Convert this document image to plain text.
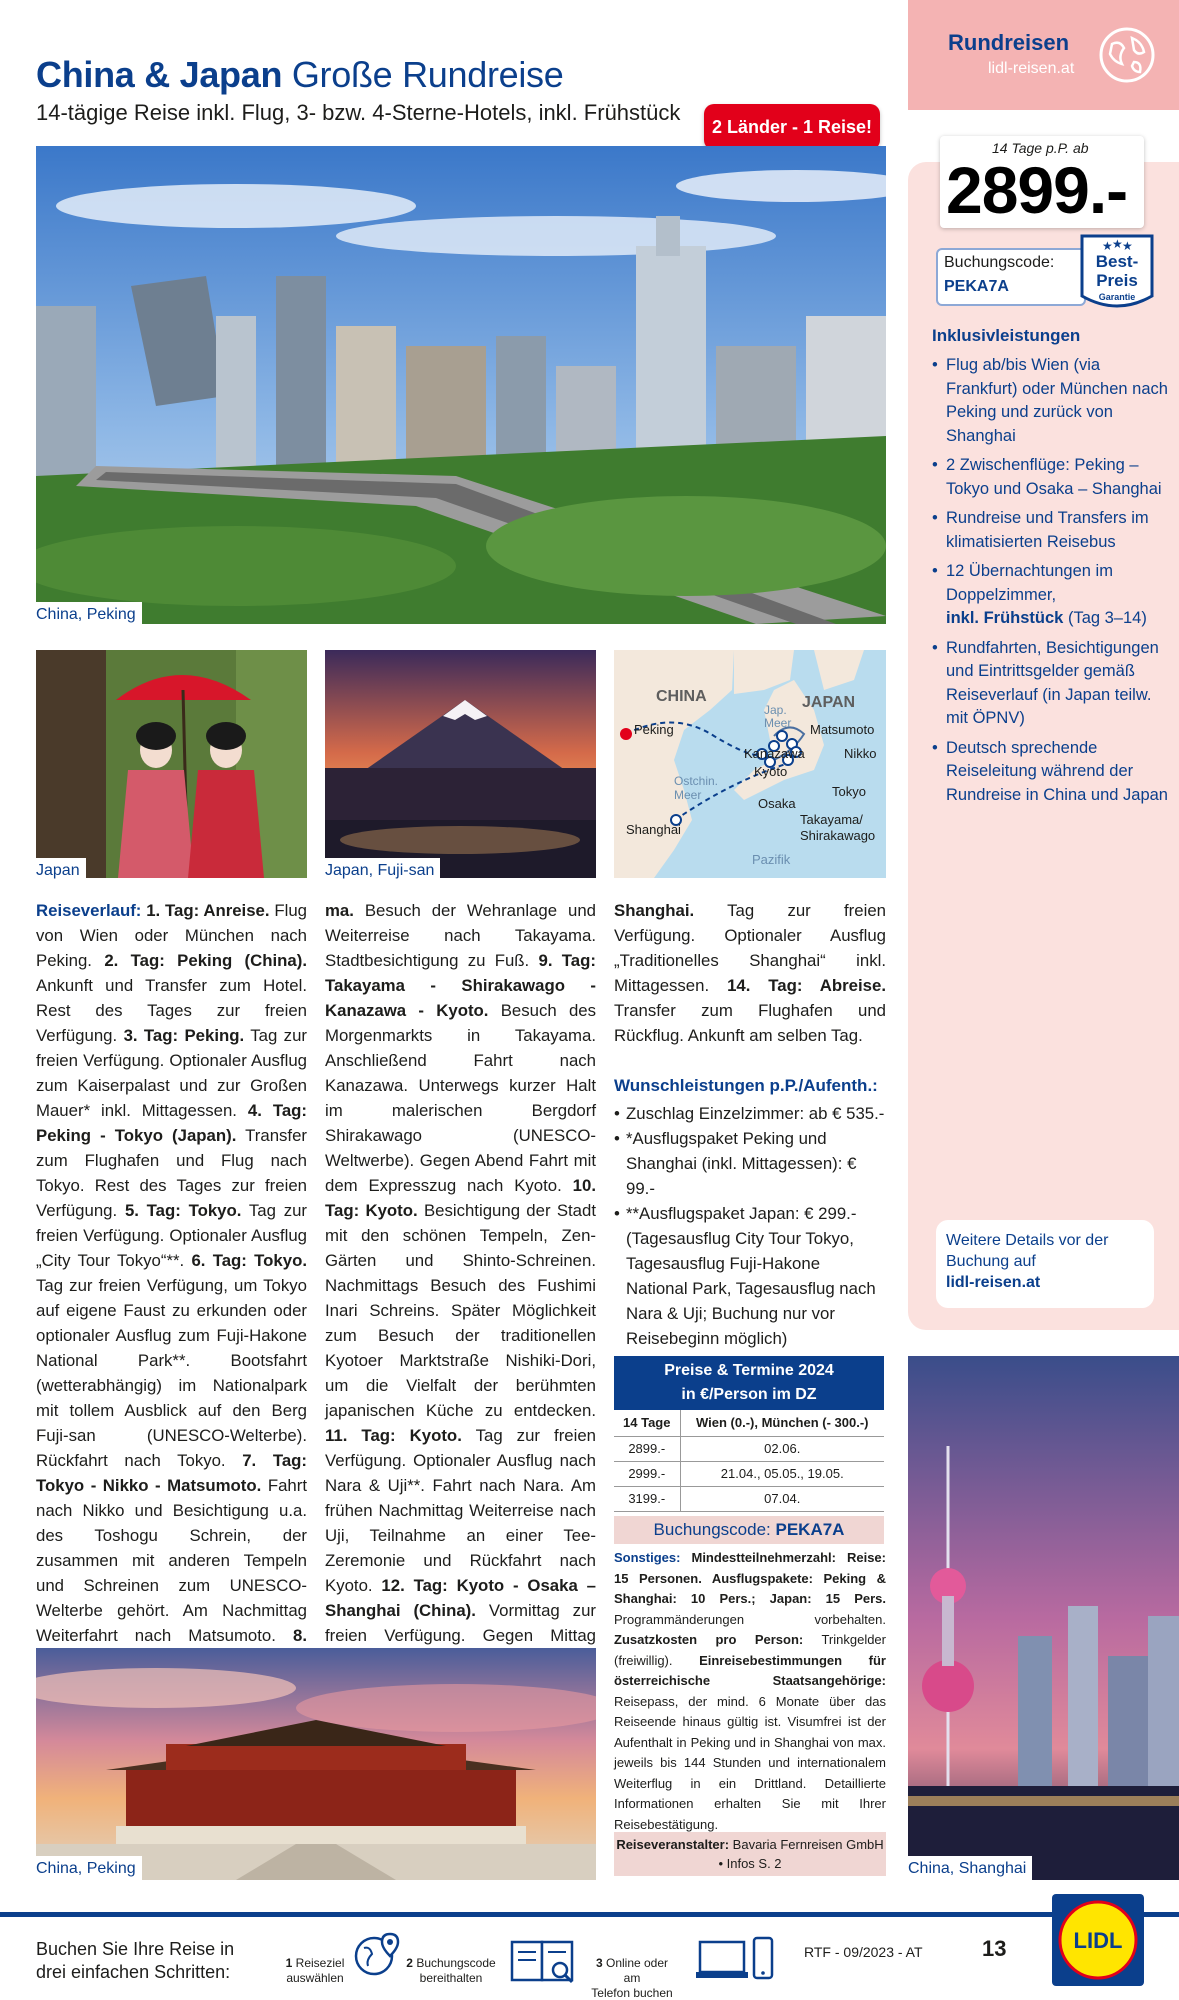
China & Japan Große Rundreise
14-tägige Reise inkl. Flug, 3- bzw. 4-Sterne-Hotels, inkl. Frühstück
2 Länder - 1 Reise!
China, Peking
Japan	Japan, Fuji-san
CHINA	JAPAN
Jap.
Meer
Ostchin.
Meer
Pazifik
Peking	Matsumoto
Nikko
Kanazawa
Kyoto
Tokyo
Osaka
Takayama/
Shirakawago
Shanghai
Reiseverlauf: 1. Tag: Anreise. Flug von Wien oder München nach Peking. 2. Tag: Peking (China). Ankunft und Transfer zum Hotel. Rest des Tages zur freien Verfügung. 3. Tag: Peking. Tag zur freien Verfügung. Optionaler Ausflug zum Kaiserpalast und zur Großen Mauer* inkl. Mittagessen. 4. Tag: Peking - Tokyo (Japan). Transfer zum Flughafen und Flug nach Tokyo. Rest des Tages zur freien Verfügung. 5. Tag: Tokyo. Tag zur freien Verfügung. Optionaler Ausflug „City Tour Tokyo“**. 6. Tag: Tokyo. Tag zur freien Verfügung, um Tokyo auf eigene Faust zu erkunden oder optionaler Ausflug zum Fuji-Hakone National Park**. Bootsfahrt (wetterabhängig) im Nationalpark mit tollem Ausblick auf den Berg Fuji-san (UNESCO-Welterbe). Rückfahrt nach Tokyo. 7. Tag: Tokyo - Nikko - Matsumoto. Fahrt nach Nikko und Besichtigung u.a. des Toshogu Schrein, der zusammen mit anderen Tempeln und Schreinen zum UNESCO-Welterbe gehört. Am Nachmittag Weiterfahrt nach Matsumoto. 8.
ma. Besuch der Wehranlage und Weiterreise nach Takayama. Stadtbesichtigung zu Fuß. 9. Tag: Takayama - Shirakawago - Kanazawa - Kyoto. Besuch des Morgenmarkts in Takayama. Anschließend Fahrt nach Kanazawa. Unterwegs kurzer Halt im malerischen Bergdorf Shirakawago (UNESCO-Weltwerbe). Gegen Abend Fahrt mit dem Expresszug nach Kyoto. 10. Tag: Kyoto. Besichtigung der Stadt mit den schönen Tempeln, Zen-Gärten und Shinto-Schreinen. Nachmittags Besuch des Fushimi Inari Schreins. Später Möglichkeit zum Besuch der traditionellen Kyotoer Marktstraße Nishiki-Dori, um die Vielfalt der berühmten japanischen Küche zu entdecken. 11. Tag: Kyoto. Tag zur freien Verfügung. Optionaler Ausflug nach Nara & Uji**. Fahrt nach Nara. Am frühen Nachmittag Weiterreise nach Uji, Teilnahme an einer Tee-Zeremonie und Rückfahrt nach Kyoto. 12. Tag: Kyoto - Osaka – Shanghai (China). Vormittag zur freien Verfügung. Gegen Mittag
Shanghai. Tag zur freien Verfügung. Optionaler Ausflug „Traditionelles Shanghai“ inkl. Mittagessen. 14. Tag: Abreise. Transfer zum Flughafen und Rückflug. Ankunft am selben Tag.
Wunschleistungen p.P./Aufenth.:
• Zuschlag Einzelzimmer: ab € 535.-
• *Ausflugspaket Peking und Shanghai (inkl. Mittagessen): € 99.-
• **Ausflugspaket Japan: € 299.- (Tagesausflug City Tour Tokyo, Tagesausflug Fuji-Hakone National Park, Tagesausflug nach Nara & Uji; Buchung nur vor Reisebeginn möglich)
Preise & Termine 2024
in €/Person im DZ
14 Tage	Wien (0.-), München (- 300.-)
2899.-	02.06.
2999.-	21.04., 05.05., 19.05.
3199.-	07.04.
Buchungscode: PEKA7A
Sonstiges: Mindestteilnehmerzahl: Reise: 15 Personen. Ausflugspakete: Peking & Shanghai: 10 Pers.; Japan: 15 Pers. Programmänderungen vorbehalten. Zusatzkosten pro Person: Trinkgelder (freiwillig). Einreisebestimmungen für österreichische Staatsangehörige: Reisepass, der mind. 6 Monate über das Reiseende hinaus gültig ist. Visumfrei ist der Aufenthalt in Peking und in Shanghai von max. jeweils bis 144 Stunden und internationalem Weiterflug in ein Drittland. Detaillierte Informationen erhalten Sie mit Ihrer Reisebestätigung.
Reiseveranstalter: Bavaria Fernreisen GmbH • Infos S. 2
China, Peking	China, Shanghai
Rundreisen
lidl-reisen.at
14 Tage p.P. ab
2899.-
Buchungscode:
PEKA7A
★ ★ ★
Best-
Preis
Garantie
Inklusivleistungen
• Flug ab/bis Wien (via Frankfurt) oder München nach Peking und zurück von Shanghai
• 2 Zwischenflüge: Peking – Tokyo und Osaka – Shanghai
• Rundreise und Transfers im klimatisierten Reisebus
• 12 Übernachtungen im Doppelzimmer,
inkl. Frühstück (Tag 3–14)
• Rundfahrten, Besichtigungen und Eintrittsgelder gemäß Reiseverlauf (in Japan teilw. mit ÖPNV)
• Deutsch sprechende Reiseleitung während der Rundreise in China und Japan
Weitere Details vor der Buchung auf
lidl-reisen.at
Buchen Sie Ihre Reise in
drei einfachen Schritten:	1 Reiseziel
auswählen
2 Buchungscode
bereithalten
3 Online oder am
Telefon buchen
RTF - 09/2023 - AT	13	LIDL
